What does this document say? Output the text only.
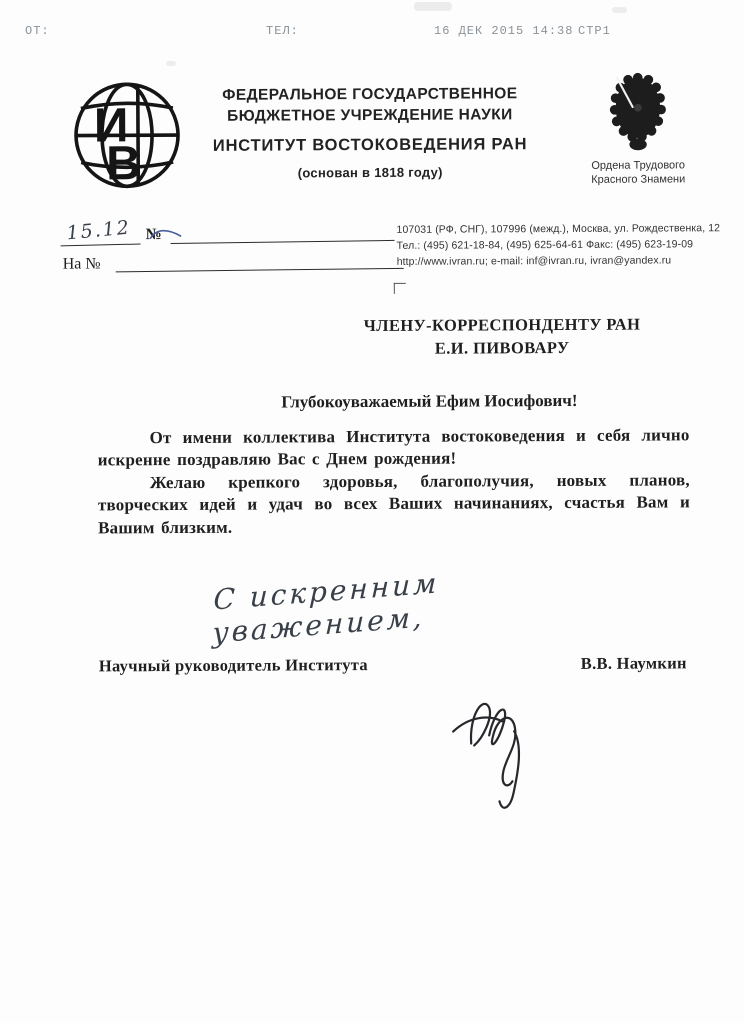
ОТ:	ТЕЛ:	16 ДЕК 2015 14:38 СТР1
И
В
ФЕДЕРАЛЬНОЕ ГОСУДАРСТВЕННОЕ
БЮДЖЕТНОЕ УЧРЕЖДЕНИЕ НАУКИ
ИНСТИТУТ ВОСТОКОВЕДЕНИЯ РАН
(основан в 1818 году)	Ордена Трудового
Красного Знамени
15.12 №
На №
107031 (РФ, СНГ), 107996 (межд.), Москва, ул. Рождественка, 12
Тел.: (495) 621-18-84, (495) 625-64-61 Факс: (495) 623-19-09
http://www.ivran.ru; e-mail: inf@ivran.ru, ivran@yandex.ru
ЧЛЕНУ-КОРРЕСПОНДЕНТУ РАН
Е.И. ПИВОВАРУ
Глубокоуважаемый Ефим Иосифович!

От имени коллектива Института востоковедения и себя лично искренне поздравляю Вас с Днем рождения!

Желаю крепкого здоровья, благополучия, новых планов, творческих идей и удач во всех Ваших начинаниях, счастья Вам и Вашим близким.

С искренним уважением,
Научный руководитель Института	В.В. Наумкин
